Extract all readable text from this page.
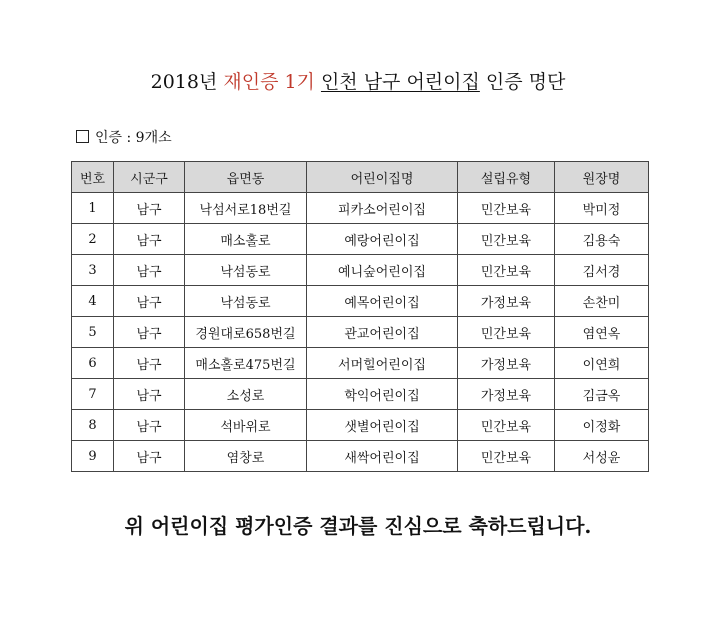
2018년 재인증 1기 인천 남구 어린이집 인증 명단
인증 : 9개소
번호	시군구	읍면동	어린이집명	설립유형	원장명
1	남구	낙섬서로18번길	피카소어린이집	민간보육	박미정
2	남구	매소홀로	예랑어린이집	민간보육	김용숙
3	남구	낙섬동로	예니숲어린이집	민간보육	김서경
4	남구	낙섬동로	예목어린이집	가정보육	손찬미
5	남구	경원대로658번길	관교어린이집	민간보육	염연옥
6	남구	매소홀로475번길	서머힐어린이집	가정보육	이연희
7	남구	소성로	학익어린이집	가정보육	김금옥
8	남구	석바위로	샛별어린이집	민간보육	이정화
9	남구	염창로	새싹어린이집	민간보육	서성윤
위 어린이집 평가인증 결과를 진심으로 축하드립니다.
